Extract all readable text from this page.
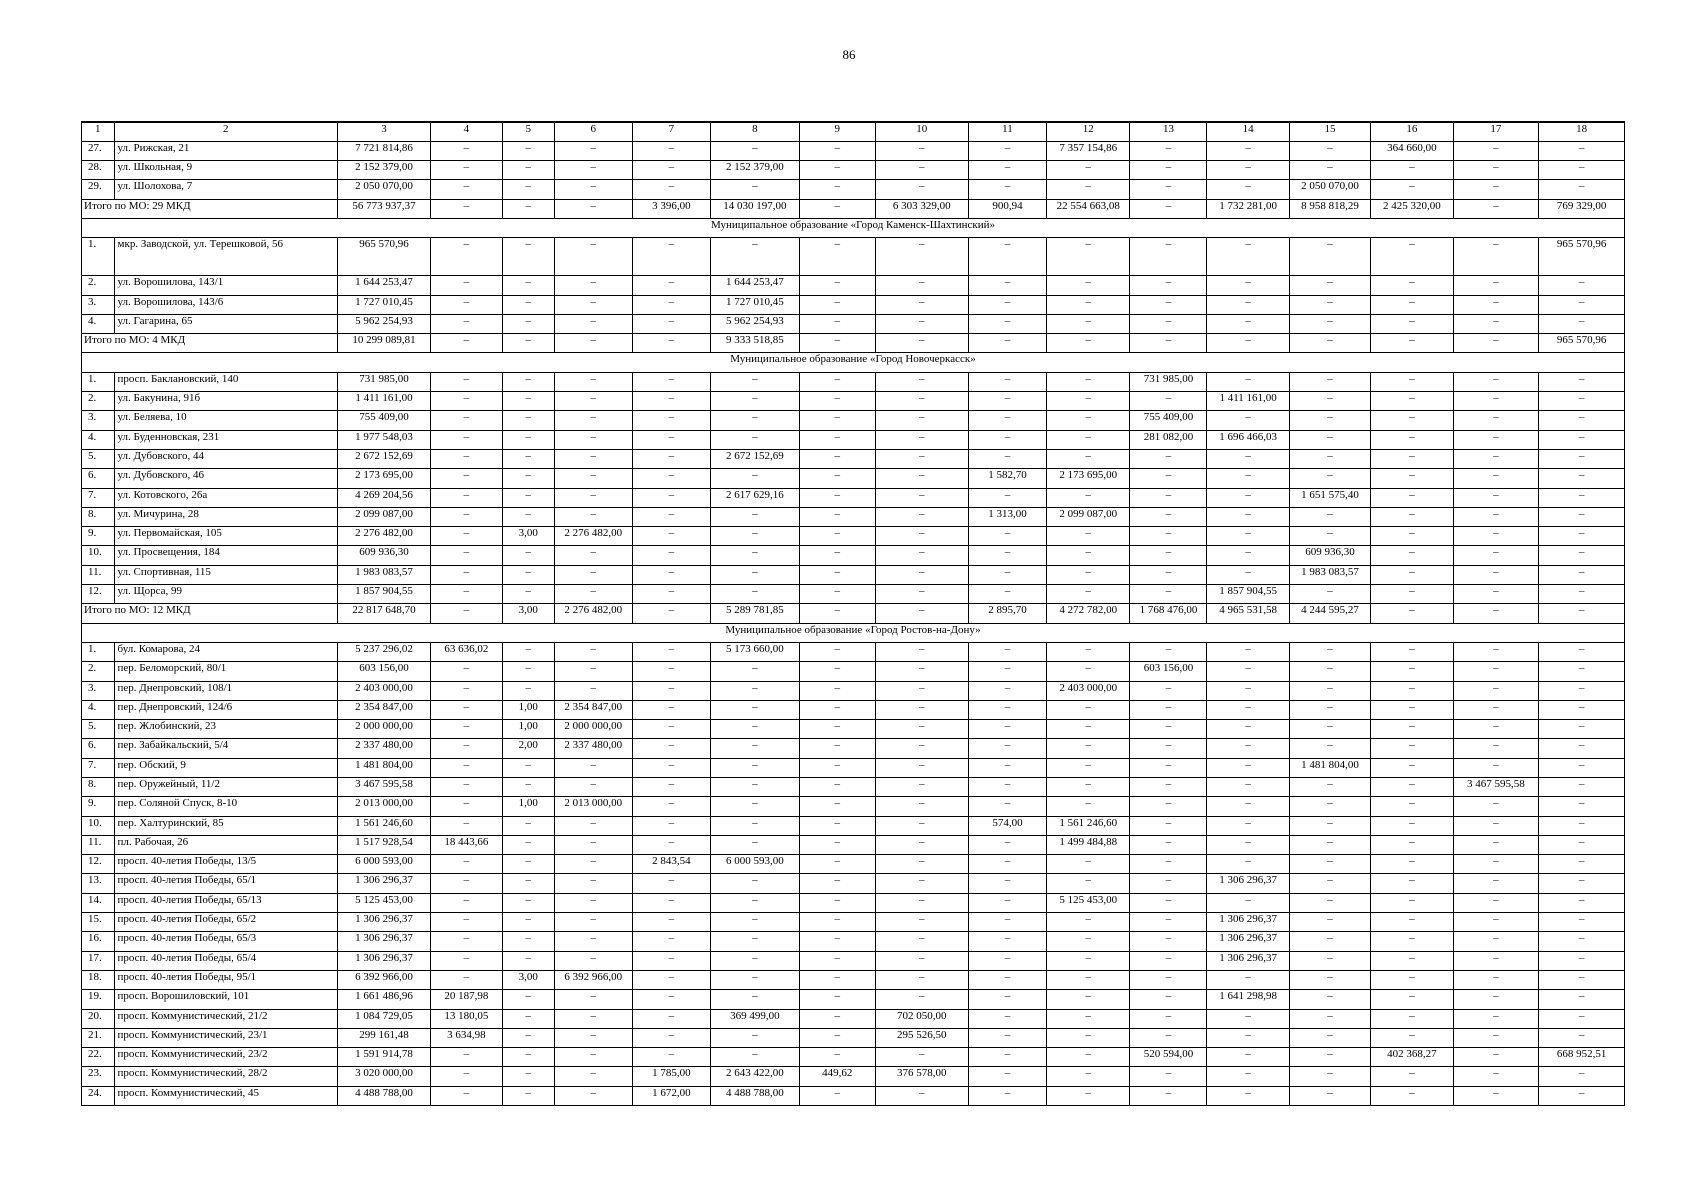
86
1	2	3	4	5	6	7	8	9	10	11	12	13	14	15	16	17	18
27.	ул. Рижская, 21	7 721 814,86	–	–	–	–	–	–	–	–	7 357 154,86	–	–	–	364 660,00	–	–
28.	ул. Школьная, 9	2 152 379,00	–	–	–	–	2 152 379,00	–	–	–	–	–	–	–	–	–	–
29.	ул. Шолохова, 7	2 050 070,00	–	–	–	–	–	–	–	–	–	–	–	2 050 070,00	–	–	–
Итого по МО: 29 МКД		56 773 937,37	–	–	–	3 396,00	14 030 197,00	–	6 303 329,00	900,94	22 554 663,08	–	1 732 281,00	8 958 818,29	2 425 320,00	–	769 329,00
Муниципальное образование «Город Каменск-Шахтинский»																	
1.	мкр. Заводской, ул. Терешковой, 56	965 570,96	–	–	–	–	–	–	–	–	–	–	–	–	–	–	965 570,96
2.	ул. Ворошилова, 143/1	1 644 253,47	–	–	–	–	1 644 253,47	–	–	–	–	–	–	–	–	–	–
3.	ул. Ворошилова, 143/6	1 727 010,45	–	–	–	–	1 727 010,45	–	–	–	–	–	–	–	–	–	–
4.	ул. Гагарина, 65	5 962 254,93	–	–	–	–	5 962 254,93	–	–	–	–	–	–	–	–	–	–
Итого по МО: 4 МКД		10 299 089,81	–	–	–	–	9 333 518,85	–	–	–	–	–	–	–	–	–	965 570,96
Муниципальное образование «Город Новочеркасск»																	
1.	просп. Баклановский, 140	731 985,00	–	–	–	–	–	–	–	–	–	731 985,00	–	–	–	–	–
2.	ул. Бакунина, 91б	1 411 161,00	–	–	–	–	–	–	–	–	–	–	1 411 161,00	–	–	–	–
3.	ул. Беляева, 10	755 409,00	–	–	–	–	–	–	–	–	–	755 409,00	–	–	–	–	–
4.	ул. Буденновская, 231	1 977 548,03	–	–	–	–	–	–	–	–	–	281 082,00	1 696 466,03	–	–	–	–
5.	ул. Дубовского, 44	2 672 152,69	–	–	–	–	2 672 152,69	–	–	–	–	–	–	–	–	–	–
6.	ул. Дубовского, 46	2 173 695,00	–	–	–	–	–	–	–	1 582,70	2 173 695,00	–	–	–	–	–	–
7.	ул. Котовского, 26а	4 269 204,56	–	–	–	–	2 617 629,16	–	–	–	–	–	–	1 651 575,40	–	–	–
8.	ул. Мичурина, 28	2 099 087,00	–	–	–	–	–	–	–	1 313,00	2 099 087,00	–	–	–	–	–	–
9.	ул. Первомайская, 105	2 276 482,00	–	3,00	2 276 482,00	–	–	–	–	–	–	–	–	–	–	–	–
10.	ул. Просвещения, 184	609 936,30	–	–	–	–	–	–	–	–	–	–	–	609 936,30	–	–	–
11.	ул. Спортивная, 115	1 983 083,57	–	–	–	–	–	–	–	–	–	–	–	1 983 083,57	–	–	–
12.	ул. Щорса, 99	1 857 904,55	–	–	–	–	–	–	–	–	–	–	1 857 904,55	–	–	–	–
Итого по МО: 12 МКД		22 817 648,70	–	3,00	2 276 482,00	–	5 289 781,85	–	–	2 895,70	4 272 782,00	1 768 476,00	4 965 531,58	4 244 595,27	–	–	–
Муниципальное образование «Город Ростов-на-Дону»																	
1.	бул. Комарова, 24	5 237 296,02	63 636,02	–	–	–	5 173 660,00	–	–	–	–	–	–	–	–	–	–
2.	пер. Беломорский, 80/1	603 156,00	–	–	–	–	–	–	–	–	–	603 156,00	–	–	–	–	–
3.	пер. Днепровский, 108/1	2 403 000,00	–	–	–	–	–	–	–	–	2 403 000,00	–	–	–	–	–	–
4.	пер. Днепровский, 124/6	2 354 847,00	–	1,00	2 354 847,00	–	–	–	–	–	–	–	–	–	–	–	–
5.	пер. Жлобинский, 23	2 000 000,00	–	1,00	2 000 000,00	–	–	–	–	–	–	–	–	–	–	–	–
6.	пер. Забайкальский, 5/4	2 337 480,00	–	2,00	2 337 480,00	–	–	–	–	–	–	–	–	–	–	–	–
7.	пер. Обский, 9	1 481 804,00	–	–	–	–	–	–	–	–	–	–	–	1 481 804,00	–	–	–
8.	пер. Оружейный, 11/2	3 467 595,58	–	–	–	–	–	–	–	–	–	–	–	–	–	3 467 595,58	–
9.	пер. Соляной Спуск, 8-10	2 013 000,00	–	1,00	2 013 000,00	–	–	–	–	–	–	–	–	–	–	–	–
10.	пер. Халтуринский, 85	1 561 246,60	–	–	–	–	–	–	–	574,00	1 561 246,60	–	–	–	–	–	–
11.	пл. Рабочая, 26	1 517 928,54	18 443,66	–	–	–	–	–	–	–	1 499 484,88	–	–	–	–	–	–
12.	просп. 40-летия Победы, 13/5	6 000 593,00	–	–	–	2 843,54	6 000 593,00	–	–	–	–	–	–	–	–	–	–
13.	просп. 40-летия Победы, 65/1	1 306 296,37	–	–	–	–	–	–	–	–	–	–	1 306 296,37	–	–	–	–
14.	просп. 40-летия Победы, 65/13	5 125 453,00	–	–	–	–	–	–	–	–	5 125 453,00	–	–	–	–	–	–
15.	просп. 40-летия Победы, 65/2	1 306 296,37	–	–	–	–	–	–	–	–	–	–	1 306 296,37	–	–	–	–
16.	просп. 40-летия Победы, 65/3	1 306 296,37	–	–	–	–	–	–	–	–	–	–	1 306 296,37	–	–	–	–
17.	просп. 40-летия Победы, 65/4	1 306 296,37	–	–	–	–	–	–	–	–	–	–	1 306 296,37	–	–	–	–
18.	просп. 40-летия Победы, 95/1	6 392 966,00	–	3,00	6 392 966,00	–	–	–	–	–	–	–	–	–	–	–	–
19.	просп. Ворошиловский, 101	1 661 486,96	20 187,98	–	–	–	–	–	–	–	–	–	1 641 298,98	–	–	–	–
20.	просп. Коммунистический, 21/2	1 084 729,05	13 180,05	–	–	–	369 499,00	–	702 050,00	–	–	–	–	–	–	–	–
21.	просп. Коммунистический, 23/1	299 161,48	3 634,98	–	–	–	–	–	295 526,50	–	–	–	–	–	–	–	–
22.	просп. Коммунистический, 23/2	1 591 914,78	–	–	–	–	–	–	–	–	–	520 594,00	–	–	402 368,27	–	668 952,51
23.	просп. Коммунистический, 28/2	3 020 000,00	–	–	–	1 785,00	2 643 422,00	449,62	376 578,00	–	–	–	–	–	–	–	–
24.	просп. Коммунистический, 45	4 488 788,00	–	–	–	1 672,00	4 488 788,00	–	–	–	–	–	–	–	–	–	–
